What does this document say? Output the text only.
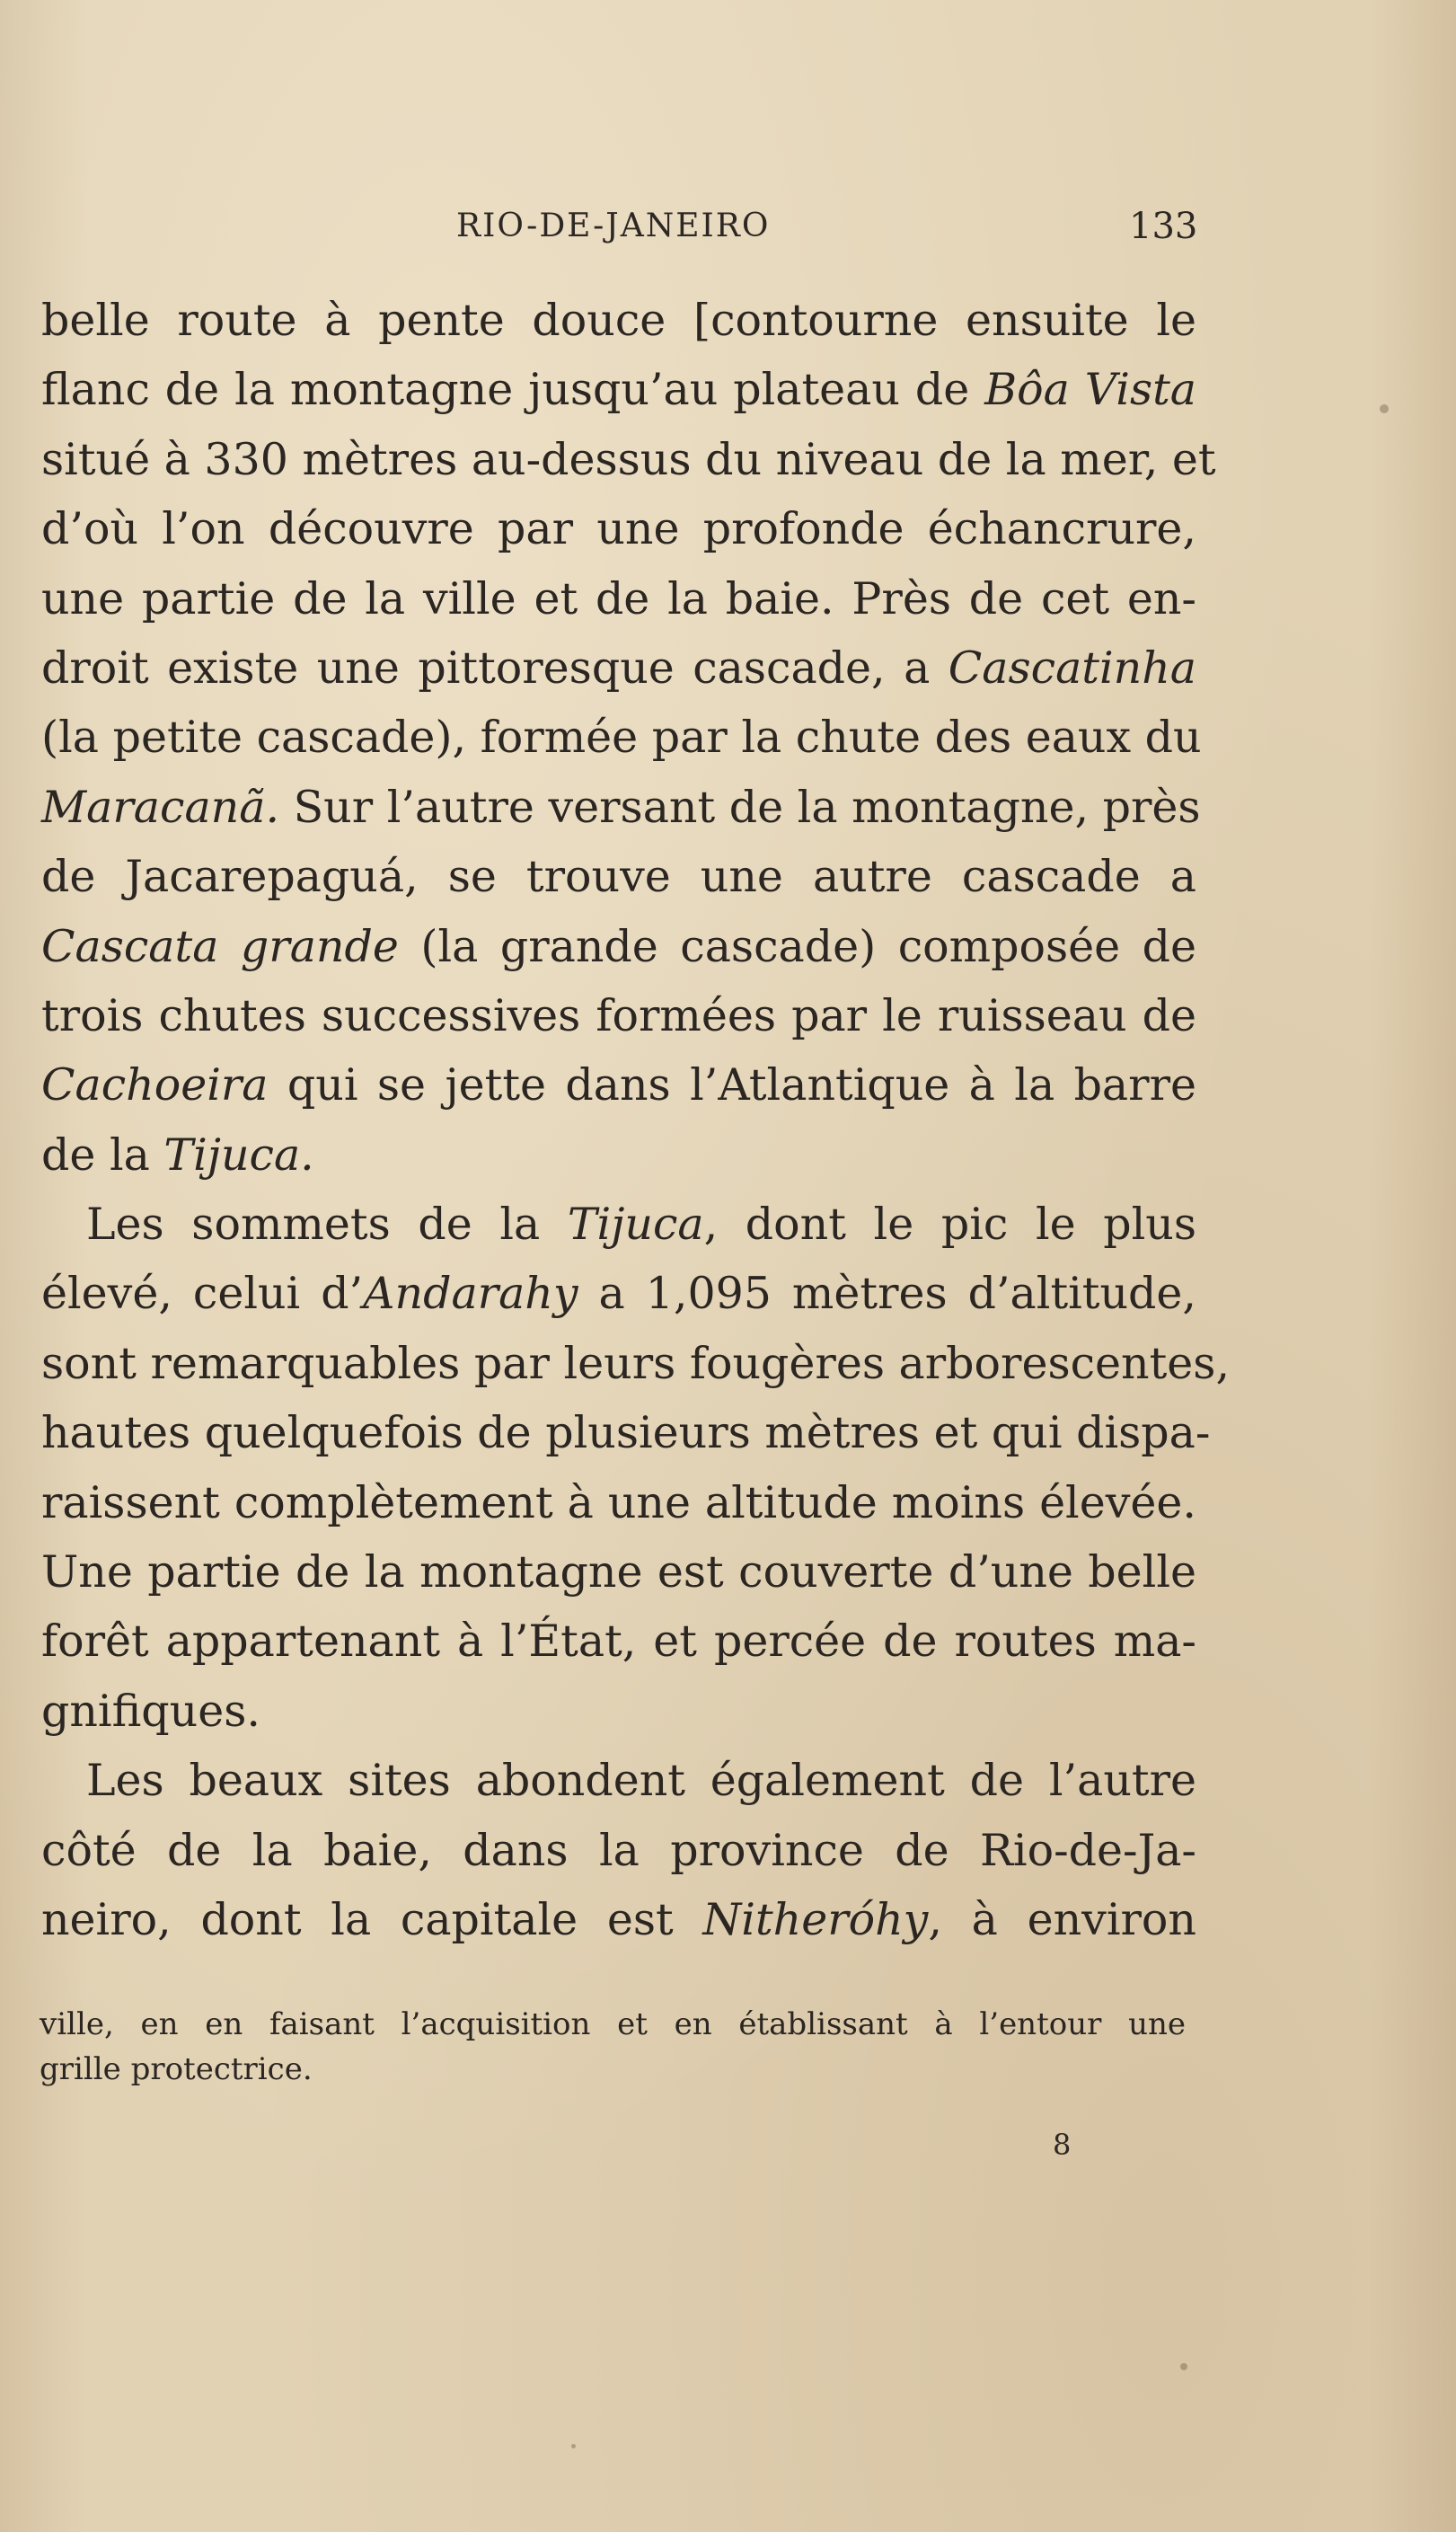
RIO-DE-JANEIRO	133
belle route à pente douce [contourne ensuite le
flanc de la montagne jusqu’au plateau de Bôa Vista
situé à 330 mètres au-dessus du niveau de la mer, et
d’où l’on découvre par une profonde échancrure,
une partie de la ville et de la baie. Près de cet en-
droit existe une pittoresque cascade, a Cascatinha
(la petite cascade), formée par la chute des eaux du
Maracanã. Sur l’autre versant de la montagne, près
de Jacarepaguá, se trouve une autre cascade a
Cascata grande (la grande cascade) composée de
trois chutes successives formées par le ruisseau de
Cachoeira qui se jette dans l’Atlantique à la barre
de la Tijuca.
Les sommets de la Tijuca, dont le pic le plus
élevé, celui d’Andarahy a 1,095 mètres d’altitude,
sont remarquables par leurs fougères arborescentes,
hautes quelquefois de plusieurs mètres et qui dispa-
raissent complètement à une altitude moins élevée.
Une partie de la montagne est couverte d’une belle
forêt appartenant à l’État, et percée de routes ma-
gnifiques.
Les beaux sites abondent également de l’autre
côté de la baie, dans la province de Rio-de-Ja-
neiro, dont la capitale est Nitheróhy, à environ
ville, en en faisant l’acquisition et en établissant à l’entour une
grille protectrice.
8
